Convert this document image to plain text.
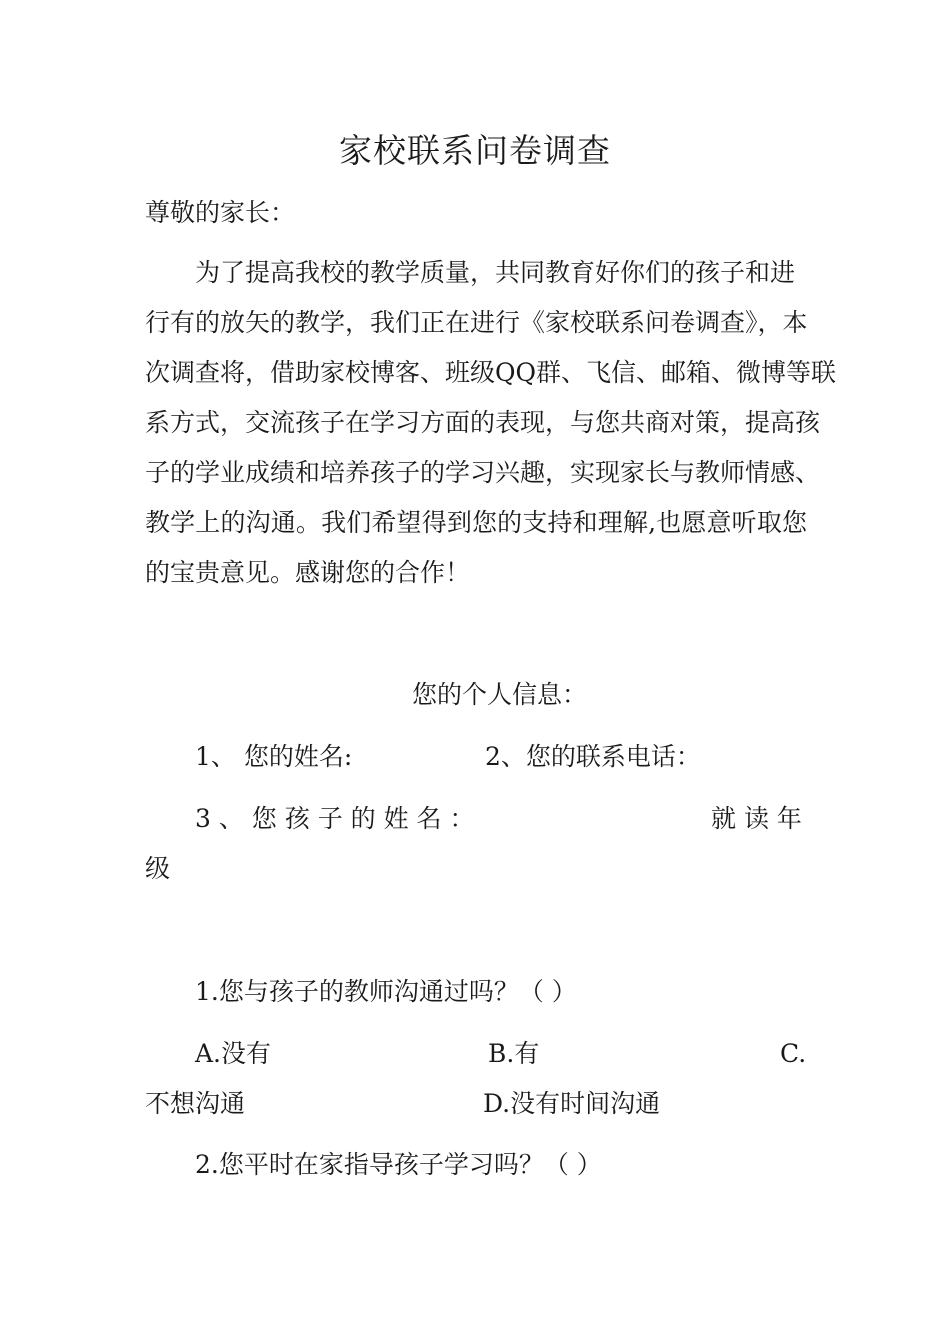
家校联系问卷调查
尊敬的家长：
为了提高我校的教学质量，共同教育好你们的孩子和进
行有的放矢的教学，我们正在进行《家校联系问卷调查》，本
次调查将，借助家校博客、班级QQ群、飞信、邮箱、微博等联
系方式，交流孩子在学习方面的表现，与您共商对策，提高孩
子的学业成绩和培养孩子的学习兴趣，实现家长与教师情感、
教学上的沟通。我们希望得到您的支持和理解,也愿意听取您
的宝贵意见。感谢您的合作！
您的个人信息：
1、 您的姓名:	2、您的联系电话：
3 、 您 孩 子 的 姓 名 ：	就 读 年
级
1.您与孩子的教师沟通过吗？（ ）
A.没有	B.有	C.
不想沟通	D.没有时间沟通
2.您平时在家指导孩子学习吗？（ ）
